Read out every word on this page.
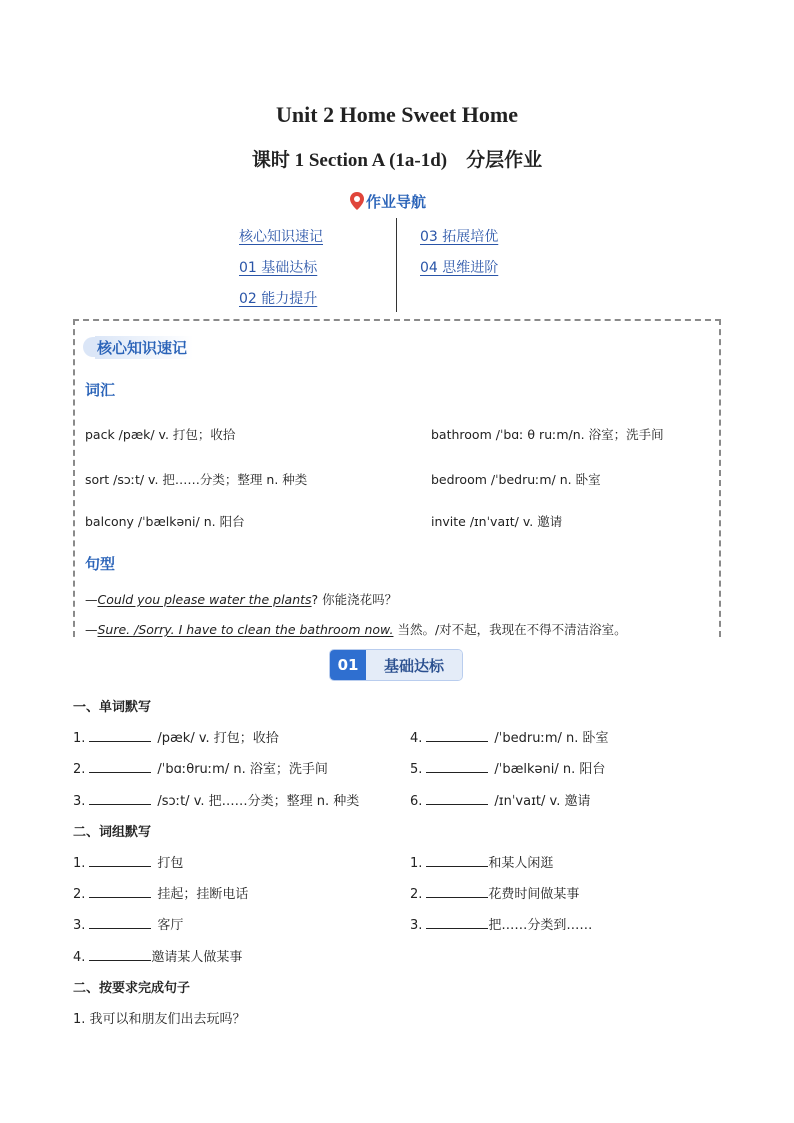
Unit 2 Home Sweet Home
课时 1 Section A (1a-1d)    分层作业
作业导航
核心知识速记
01 基础达标
02 能力提升
03 拓展培优
04 思维进阶
核心知识速记
词汇
pack /pæk/ v. 打包；收拾	bathroom /ˈbɑː θ ruːm/n. 浴室；洗手间
sort /sɔːt/ v. 把……分类；整理 n. 种类	bedroom /ˈbedruːm/ n. 卧室
balcony /ˈbælkəni/ n. 阳台	invite /ɪnˈvaɪt/ v. 邀请
句型
—Could you please water the plants? 你能浇花吗？
—Sure. /Sorry. I have to clean the bathroom now. 当然。/对不起，我现在不得不清洁浴室。
01	基础达标
一、单词默写
1.	/pæk/ v. 打包；收拾
2.	/ˈbɑːθruːm/ n. 浴室；洗手间
3.	/sɔːt/ v. 把……分类；整理 n. 种类
4.	/ˈbedruːm/ n. 卧室
5.	/ˈbælkəni/ n. 阳台
6.	/ɪnˈvaɪt/ v. 邀请
二、词组默写
1.	打包
2.	挂起；挂断电话
3.	客厅
4.	邀请某人做某事
1.	和某人闲逛
2.	花费时间做某事
3.	把……分类到……
二、按要求完成句子
1. 我可以和朋友们出去玩吗？
